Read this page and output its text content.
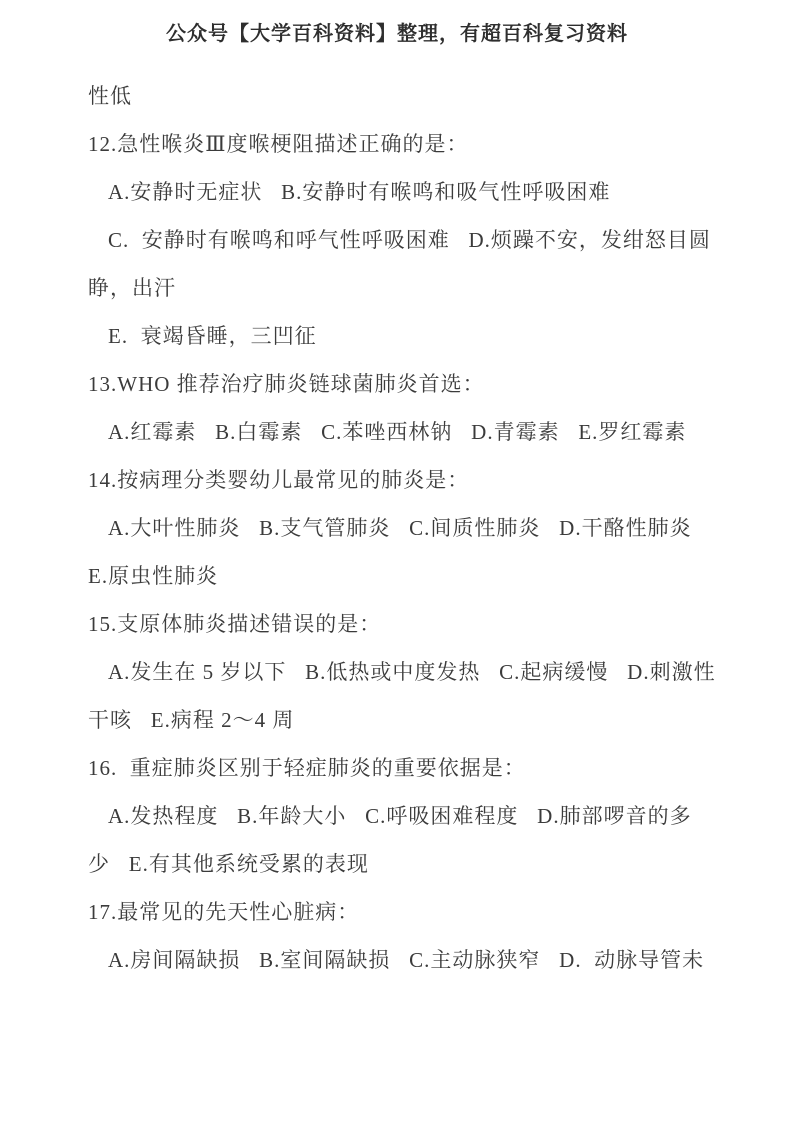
公众号【大学百科资料】整理，有超百科复习资料
性低
12.急性喉炎Ⅲ度喉梗阻描述正确的是：
A.安静时无症状   B.安静时有喉鸣和吸气性呼吸困难
C.  安静时有喉鸣和呼气性呼吸困难   D.烦躁不安，发绀怒目圆
睁，出汗
E.  衰竭昏睡，三凹征
13.WHO 推荐治疗肺炎链球菌肺炎首选：
A.红霉素   B.白霉素   C.苯唑西林钠   D.青霉素   E.罗红霉素
14.按病理分类婴幼儿最常见的肺炎是：
A.大叶性肺炎   B.支气管肺炎   C.间质性肺炎   D.干酪性肺炎
E.原虫性肺炎
15.支原体肺炎描述错误的是：
A.发生在 5 岁以下   B.低热或中度发热   C.起病缓慢   D.刺激性
干咳   E.病程 2～4 周
16.  重症肺炎区别于轻症肺炎的重要依据是：
A.发热程度   B.年龄大小   C.呼吸困难程度   D.肺部啰音的多
少   E.有其他系统受累的表现
17.最常见的先天性心脏病：
A.房间隔缺损   B.室间隔缺损   C.主动脉狭窄   D.  动脉导管未
